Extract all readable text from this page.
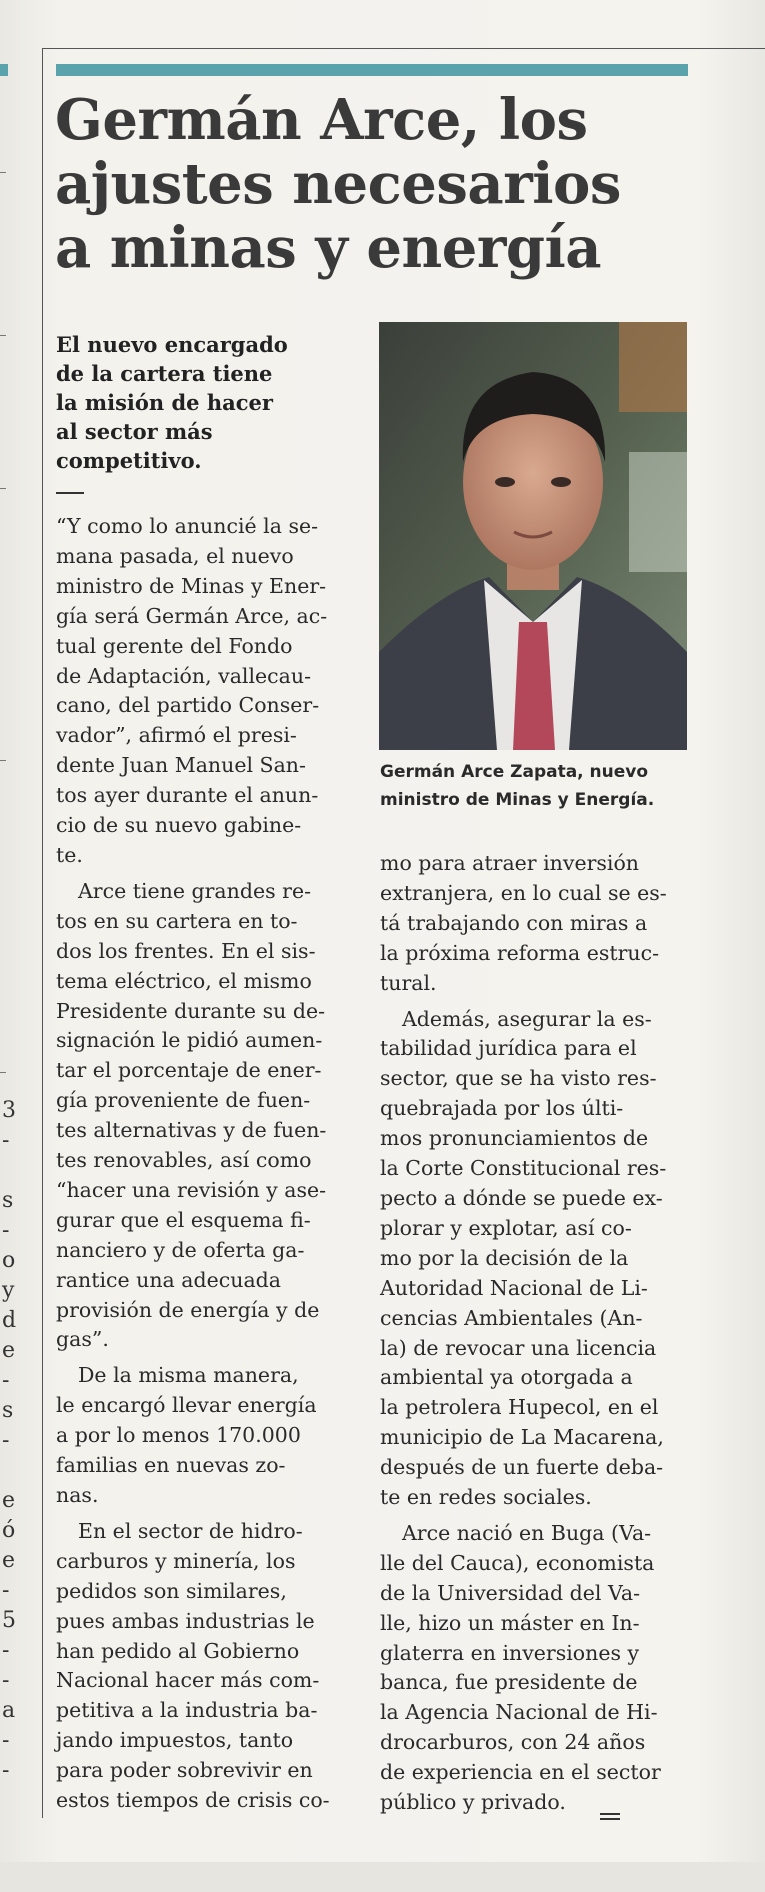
3
-
s
-
o
y
d
e
-
s
-
e
ó
e
-
5
-
-
a
-
-
Germán Arce, los
ajustes necesarios
a minas y energía

El nuevo encargado
de la cartera tiene
la misión de hacer
al sector más
competitivo.

Germán Arce Zapata, nuevo
ministro de Minas y Energía.

“Y como lo anuncié la se-
mana pasada, el nuevo
ministro de Minas y Ener-
gía será Germán Arce, ac-
tual gerente del Fondo
de Adaptación, vallecau-
cano, del partido Conser-
vador”, afirmó el presi-
dente Juan Manuel San-
tos ayer durante el anun-
cio de su nuevo gabine-
te.
Arce tiene grandes re-
tos en su cartera en to-
dos los frentes. En el sis-
tema eléctrico, el mismo
Presidente durante su de-
signación le pidió aumen-
tar el porcentaje de ener-
gía proveniente de fuen-
tes alternativas y de fuen-
tes renovables, así como
“hacer una revisión y ase-
gurar que el esquema fi-
nanciero y de oferta ga-
rantice una adecuada
provisión de energía y de
gas”.
De la misma manera,
le encargó llevar energía
a por lo menos 170.000
familias en nuevas zo-
nas.
En el sector de hidro-
carburos y minería, los
pedidos son similares,
pues ambas industrias le
han pedido al Gobierno
Nacional hacer más com-
petitiva a la industria ba-
jando impuestos, tanto
para poder sobrevivir en
estos tiempos de crisis co-
mo para atraer inversión
extranjera, en lo cual se es-
tá trabajando con miras a
la próxima reforma estruc-
tural.
Además, asegurar la es-
tabilidad jurídica para el
sector, que se ha visto res-
quebrajada por los últi-
mos pronunciamientos de
la Corte Constitucional res-
pecto a dónde se puede ex-
plorar y explotar, así co-
mo por la decisión de la
Autoridad Nacional de Li-
cencias Ambientales (An-
la) de revocar una licencia
ambiental ya otorgada a
la petrolera Hupecol, en el
municipio de La Macarena,
después de un fuerte deba-
te en redes sociales.
Arce nació en Buga (Va-
lle del Cauca), economista
de la Universidad del Va-
lle, hizo un máster en In-
glaterra en inversiones y
banca, fue presidente de
la Agencia Nacional de Hi-
drocarburos, con 24 años
de experiencia en el sector
público y privado.
